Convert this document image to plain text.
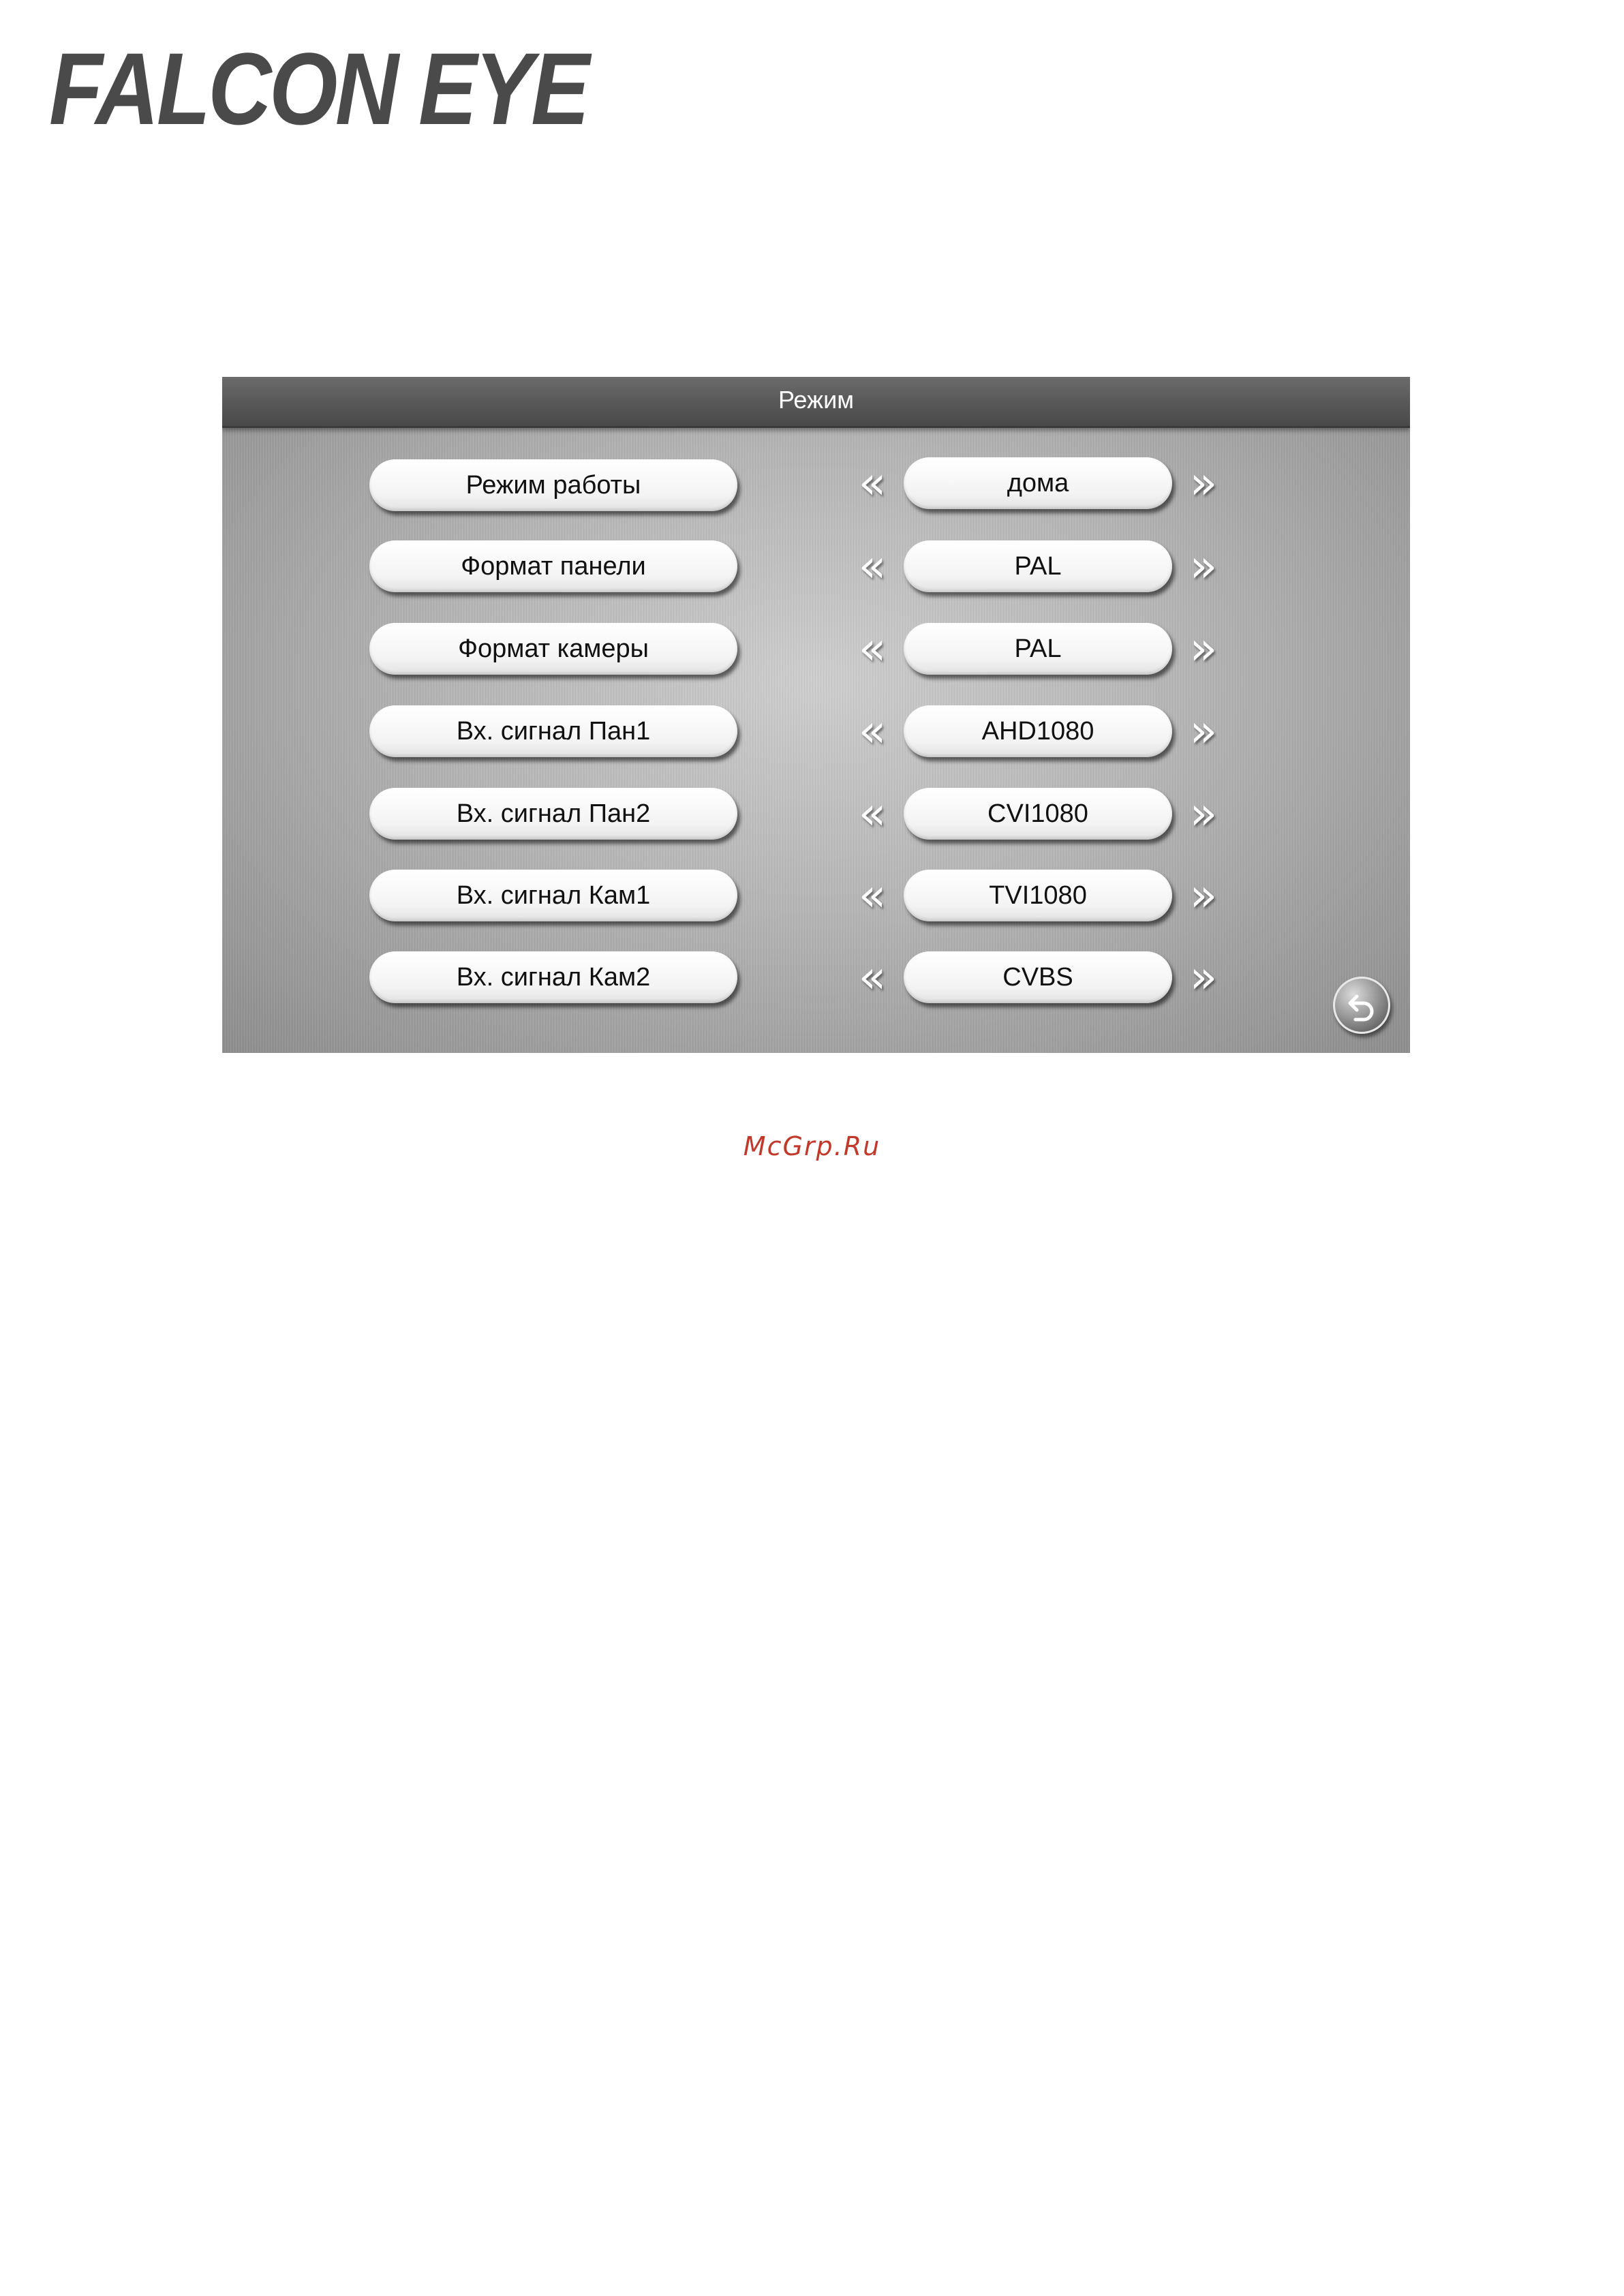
FALCON EYE
Режим
Режим работы	«	дома	»
Формат панели	«	PAL	»
Формат камеры	«	PAL	»
Вх. сигнал Пан1	«	AHD1080	»
Вх. сигнал Пан2	«	CVI1080	»
Вх. сигнал Кам1	«	TVI1080	»
Вх. сигнал Кам2	«	CVBS	»
McGrp.Ru
